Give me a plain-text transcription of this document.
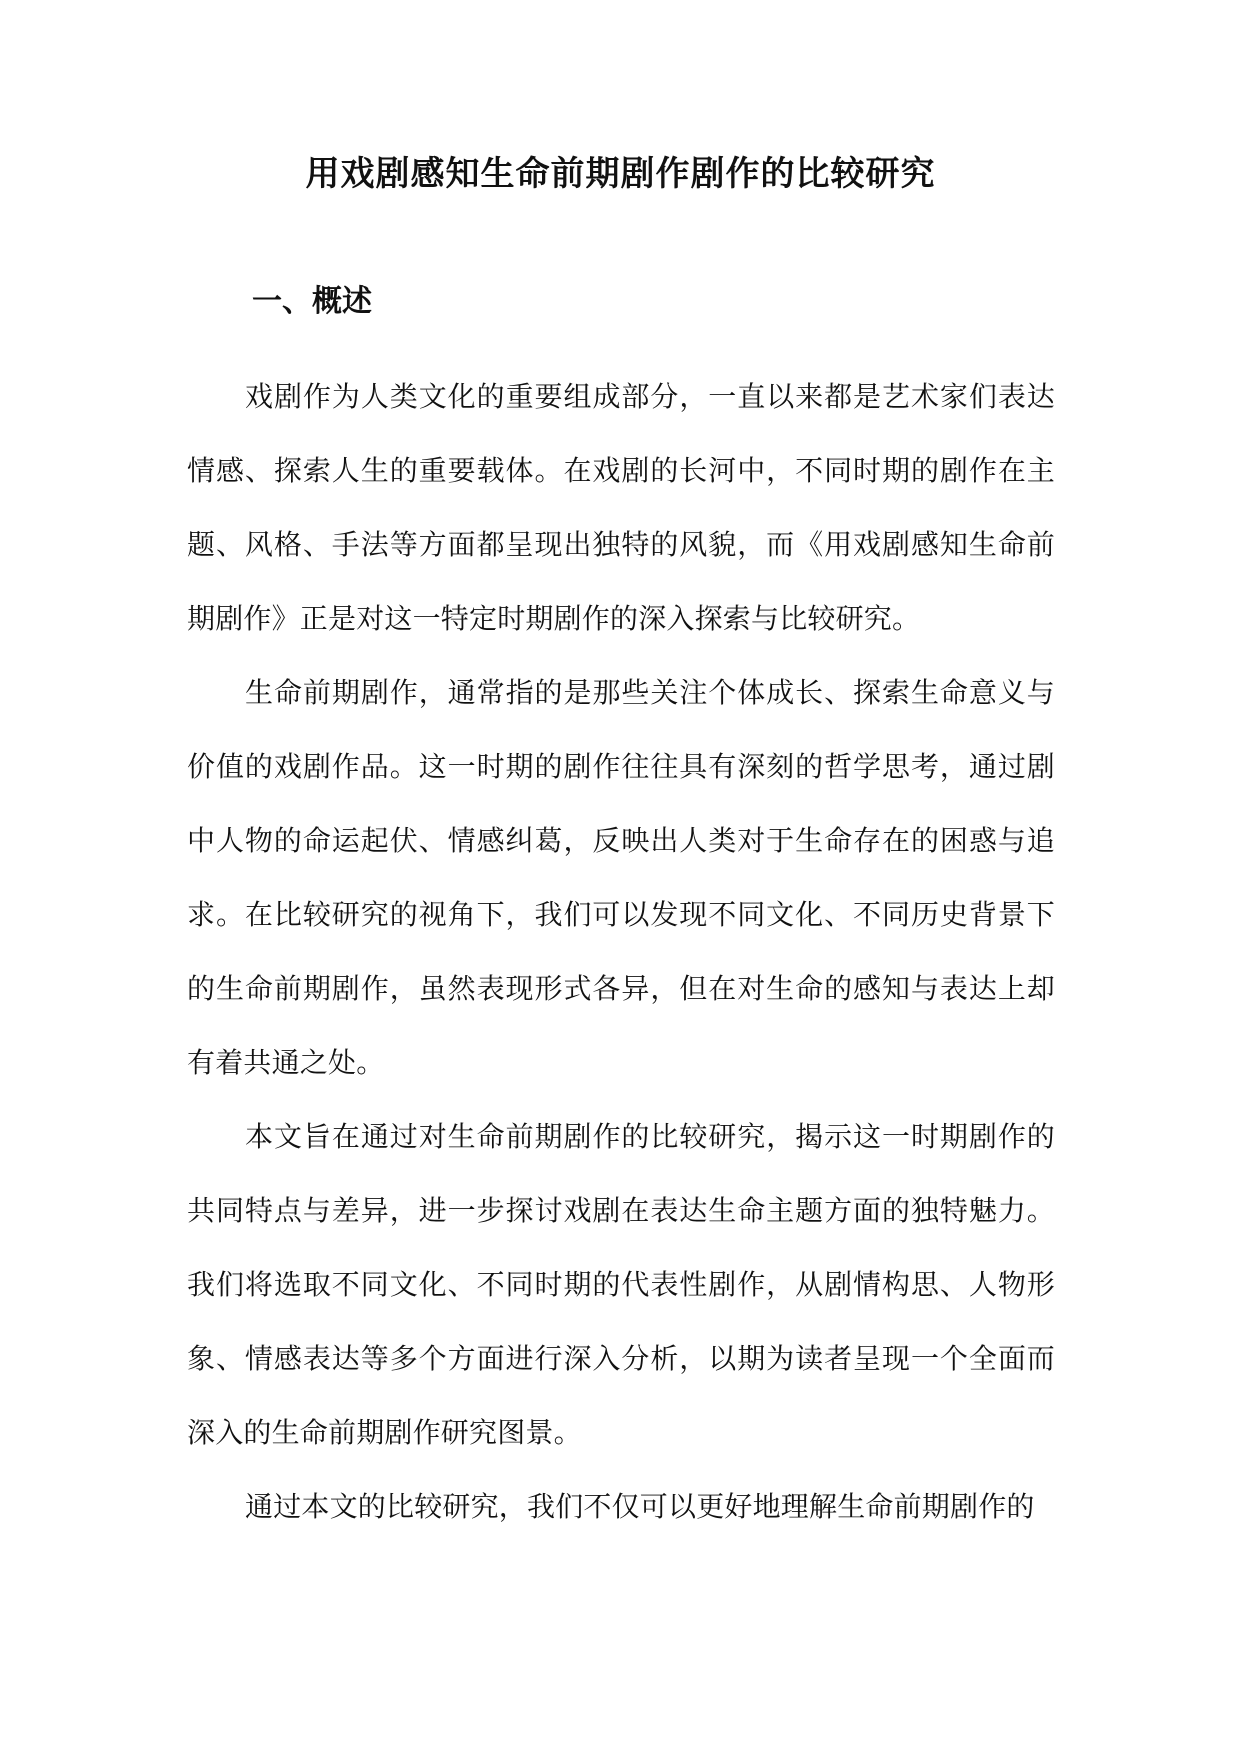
用戏剧感知生命前期剧作剧作的比较研究
一、概述

戏剧作为人类文化的重要组成部分，一直以来都是艺术家们表达情感、探索人生的重要载体。在戏剧的长河中，不同时期的剧作在主题、风格、手法等方面都呈现出独特的风貌，而《用戏剧感知生命前期剧作》正是对这一特定时期剧作的深入探索与比较研究。

生命前期剧作，通常指的是那些关注个体成长、探索生命意义与价值的戏剧作品。这一时期的剧作往往具有深刻的哲学思考，通过剧中人物的命运起伏、情感纠葛，反映出人类对于生命存在的困惑与追求。在比较研究的视角下，我们可以发现不同文化、不同历史背景下的生命前期剧作，虽然表现形式各异，但在对生命的感知与表达上却有着共通之处。

本文旨在通过对生命前期剧作的比较研究，揭示这一时期剧作的共同特点与差异，进一步探讨戏剧在表达生命主题方面的独特魅力。我们将选取不同文化、不同时期的代表性剧作，从剧情构思、人物形象、情感表达等多个方面进行深入分析，以期为读者呈现一个全面而深入的生命前期剧作研究图景。

通过本文的比较研究，我们不仅可以更好地理解生命前期剧作的
